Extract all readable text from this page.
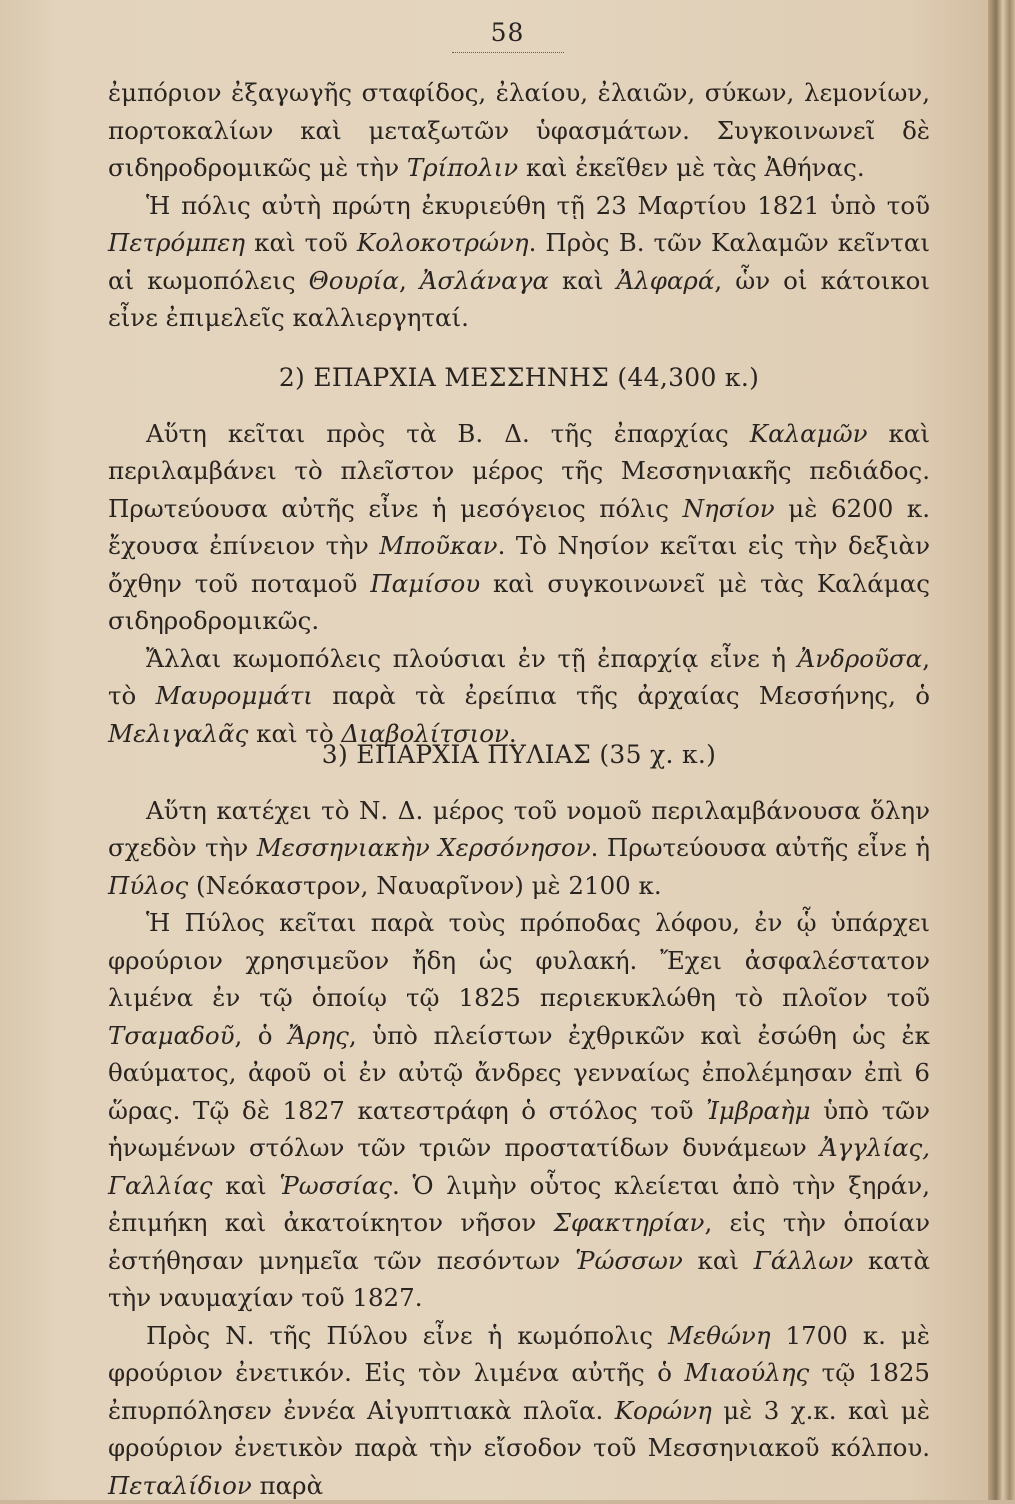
58

ἐμπόριον ἐξαγωγῆς σταφίδος, ἐλαίου, ἐλαιῶν, σύκων, λεμονίων, πορτοκαλίων καὶ μεταξωτῶν ὑφασμάτων. Συγκοινωνεῖ δὲ σιδηροδρομικῶς μὲ τὴν Τρίπολιν καὶ ἐκεῖθεν μὲ τὰς Ἀθήνας.

Ἡ πόλις αὐτὴ πρώτη ἐκυριεύθη τῇ 23 Μαρτίου 1821 ὑπὸ τοῦ Πετρόμπεη καὶ τοῦ Κολοκοτρώνη. Πρὸς Β. τῶν Καλαμῶν κεῖνται αἱ κωμοπόλεις Θουρία, Ἀσλάναγα καὶ Ἀλφαρά, ὧν οἱ κάτοικοι εἶνε ἐπιμελεῖς καλλιεργηταί.

2) ΕΠΑΡΧΙΑ ΜΕΣΣΗΝΗΣ (44,300 κ.)

Αὕτη κεῖται πρὸς τὰ Β. Δ. τῆς ἐπαρχίας Καλαμῶν καὶ περιλαμβάνει τὸ πλεῖστον μέρος τῆς Μεσσηνιακῆς πεδιάδος. Πρωτεύουσα αὐτῆς εἶνε ἡ μεσόγειος πόλις Νησίον μὲ 6200 κ. ἔχουσα ἐπίνειον τὴν Μποῦκαν. Τὸ Νησίον κεῖται εἰς τὴν δεξιὰν ὄχθην τοῦ ποταμοῦ Παμίσου καὶ συγκοινωνεῖ μὲ τὰς Καλάμας σιδηροδρομικῶς.

Ἄλλαι κωμοπόλεις πλούσιαι ἐν τῇ ἐπαρχίᾳ εἶνε ἡ Ἀνδροῦσα, τὸ Μαυρομμάτι παρὰ τὰ ἐρείπια τῆς ἀρχαίας Μεσσήνης, ὁ Μελιγαλᾶς καὶ τὸ Διαβολίτσιον.

3) ΕΠΑΡΧΙΑ ΠΥΛΙΑΣ (35 χ. κ.)

Αὕτη κατέχει τὸ Ν. Δ. μέρος τοῦ νομοῦ περιλαμβάνουσα ὅλην σχεδὸν τὴν Μεσσηνιακὴν Χερσόνησον. Πρωτεύουσα αὐτῆς εἶνε ἡ Πύλος (Νεόκαστρον, Ναυαρῖνον) μὲ 2100 κ.

Ἡ Πύλος κεῖται παρὰ τοὺς πρόποδας λόφου, ἐν ᾧ ὑπάρχει φρούριον χρησιμεῦον ἤδη ὡς φυλακή. Ἔχει ἀσφαλέστατον λιμένα ἐν τῷ ὁποίῳ τῷ 1825 περιεκυκλώθη τὸ πλοῖον τοῦ Τσαμαδοῦ, ὁ Ἄρης, ὑπὸ πλείστων ἐχθρικῶν καὶ ἐσώθη ὡς ἐκ θαύματος, ἀφοῦ οἱ ἐν αὐτῷ ἄνδρες γενναίως ἐπολέμησαν ἐπὶ 6 ὥρας. Τῷ δὲ 1827 κατεστράφη ὁ στόλος τοῦ Ἰμβραὴμ ὑπὸ τῶν ἡνωμένων στόλων τῶν τριῶν προστατίδων δυνάμεων Ἀγγλίας, Γαλλίας καὶ Ῥωσσίας. Ὁ λιμὴν οὗτος κλείεται ἀπὸ τὴν ξηράν, ἐπιμήκη καὶ ἀκατοίκητον νῆσον Σφακτηρίαν, εἰς τὴν ὁποίαν ἐστήθησαν μνημεῖα τῶν πεσόντων Ῥώσσων καὶ Γάλλων κατὰ τὴν ναυμαχίαν τοῦ 1827.

Πρὸς Ν. τῆς Πύλου εἶνε ἡ κωμόπολις Μεθώνη 1700 κ. μὲ φρούριον ἐνετικόν. Εἰς τὸν λιμένα αὐτῆς ὁ Μιαούλης τῷ 1825 ἐπυρπόλησεν ἐννέα Αἰγυπτιακὰ πλοῖα. Κορώνη μὲ 3 χ.κ. καὶ μὲ φρούριον ἐνετικὸν παρὰ τὴν εἴσοδον τοῦ Μεσσηνιακοῦ κόλπου. Πεταλίδιον παρὰ
